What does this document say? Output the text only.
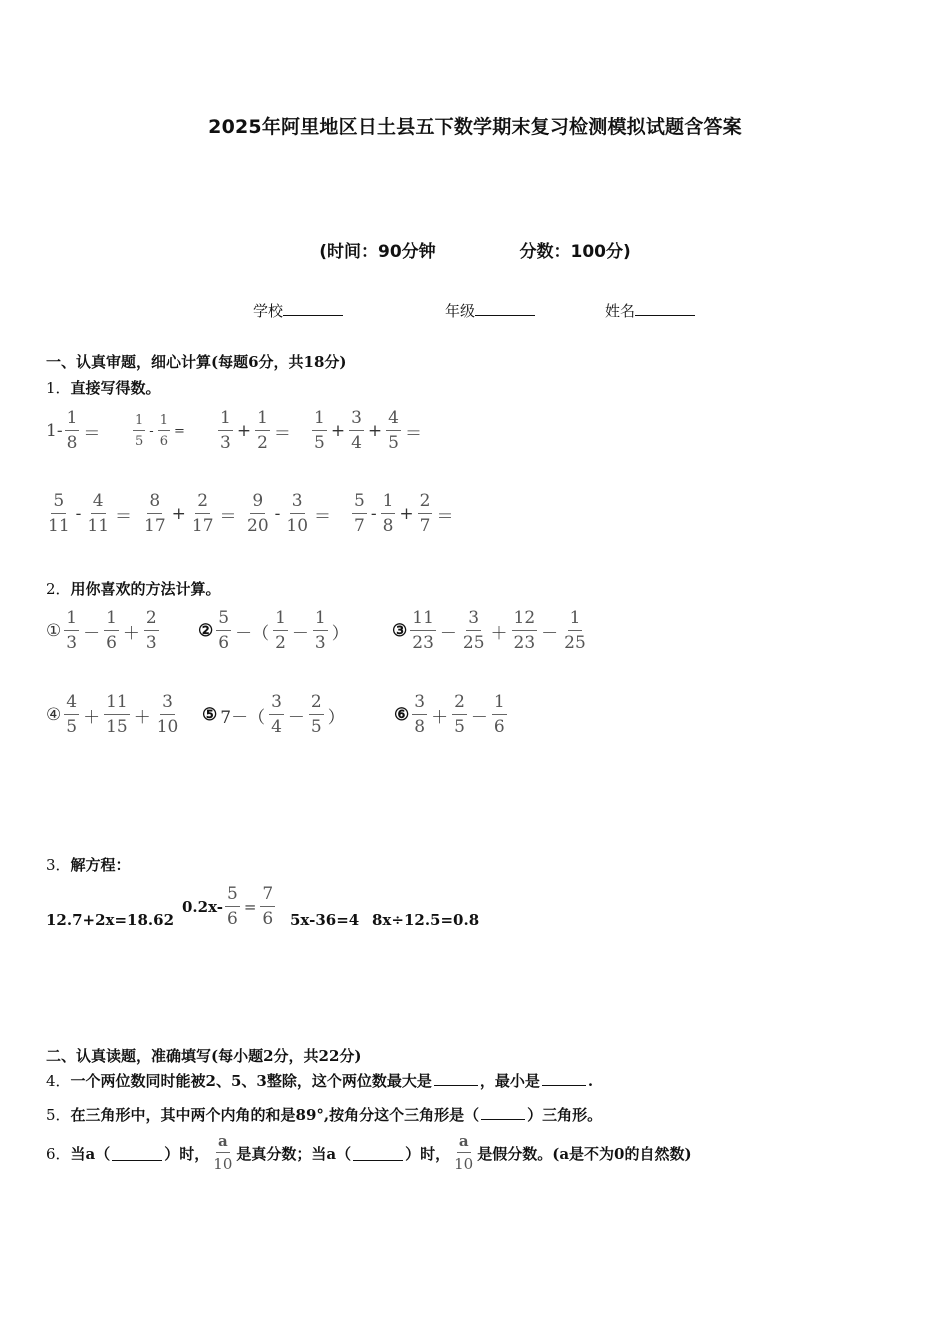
2025年阿里地区日土县五下数学期末复习检测模拟试题含答案
(时间：90分钟	分数：100分)
学校	年级	姓名
一、认真审题，细心计算(每题6分，共18分)
1．直接写得数。
$1- \frac{1}{8}$ ＝	$\frac{1}{5} - \frac{1}{6} = \frac{1}{3} + \frac{1}{2} = \frac{1}{5} + \frac{3}{4} + \frac{4}{5}$ ＝
$\frac{5}{11} - \frac{4}{11} = \frac{8}{17} + \frac{2}{17} = \frac{9}{20} - \frac{3}{10} = \frac{5}{7} - \frac{1}{8} + \frac{2}{7}$ ＝
2．用你喜欢的方法计算。
① $\frac{1}{3} - \frac{1}{6} + \frac{2}{3}$ ② $\frac{5}{6}$ －（ $\frac{1}{2} - \frac{1}{3}$ ）	③ $\frac{11}{23} - \frac{3}{25} + \frac{12}{23} - \frac{1}{25}$
④ $\frac{4}{5} + \frac{11}{15} + \frac{3}{10}$ ⑤ $7-( \frac{3}{4} - \frac{2}{5}$ ）	⑥ $\frac{3}{8} + \frac{2}{5} - \frac{1}{6}$
3．解方程：
12.7+2x=18.62
$0.2x- \frac{5}{6} = \frac{7}{6} 5x-36=4$ 8x÷12.5=0.8
二、认真读题，准确填写(每小题2分，共22分)
4．一个两位数同时能被2、5、3整除，这个两位数最大是	，最小是	.
5．在三角形中，其中两个内角的和是89°,按角分这个三角形是（	）三角形。
6． 当a（	）时， $\frac{a}{10}$ 是真分数；当a（	）时， $\frac{a}{10}$ 是假分数。(a是不为0的自然数)
